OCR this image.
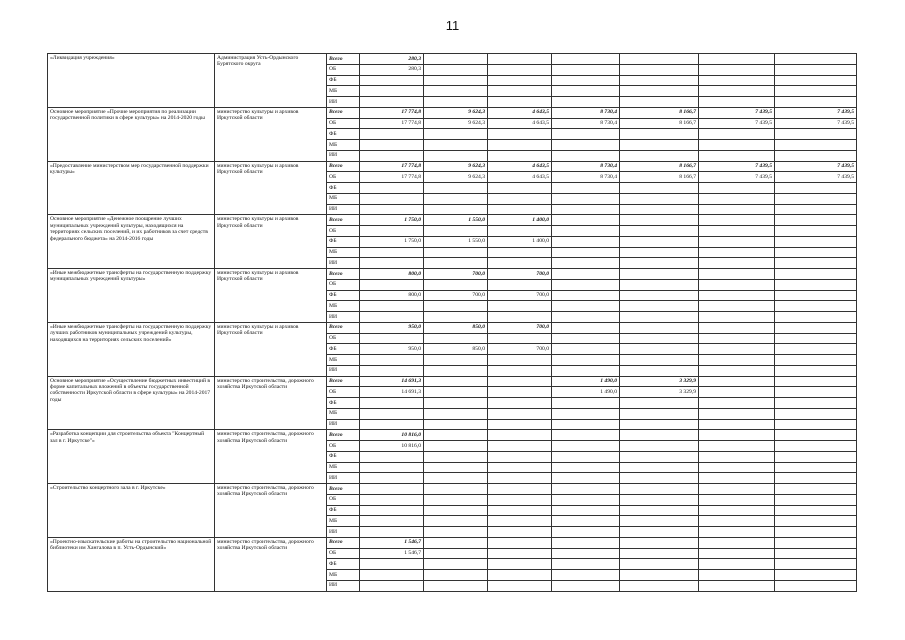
11
«Ликвидация учреждения»	Администрация Усть-Ордынского Бурятского округа	Всего	280,3						
		ОБ	280,3						
		ФБ							
		МБ							
		ИИ							
Основное мероприятие «Прочие мероприятия по реализации государственной политики в сфере культуры» на 2014-2020 годы	министерство культуры и архивов Иркутской области	Всего	17 774,8	9 624,3	4 643,5	8 730,4	8 166,7	7 439,5	7 439,5
		ОБ	17 774,8	9 624,3	4 643,5	8 730,4	8 166,7	7 439,5	7 439,5
		ФБ							
		МБ							
		ИИ							
«Предоставление министерством мер государственной поддержки культуры»	министерство культуры и архивов Иркутской области	Всего	17 774,8	9 624,3	4 643,5	8 730,4	8 166,7	7 439,5	7 439,5
		ОБ	17 774,8	9 624,3	4 643,5	8 730,4	8 166,7	7 439,5	7 439,5
		ФБ							
		МБ							
		ИИ							
Основное мероприятие «Денежное поощрение лучших муниципальных учреждений культуры, находящихся на территориях сельских поселений, и их работников за счет средств федерального бюджета» на 2014-2016 годы	министерство культуры и архивов Иркутской области	Всего	1 750,0	1 550,0	1 400,0				
		ОБ							
		ФБ	1 750,0	1 550,0	1 400,0				
		МБ							
		ИИ							
«Иные межбюджетные трансферты на государственную поддержку муниципальных учреждений культуры»	министерство культуры и архивов Иркутской области	Всего	800,0	700,0	700,0				
		ОБ							
		ФБ	800,0	700,0	700,0				
		МБ							
		ИИ							
«Иные межбюджетные трансферты на государственную поддержку лучших работников муниципальных учреждений культуры, находящихся на территориях сельских поселений»	министерство культуры и архивов Иркутской области	Всего	950,0	850,0	700,0				
		ОБ							
		ФБ	950,0	850,0	700,0				
		МБ							
		ИИ							
Основное мероприятие «Осуществление бюджетных инвестиций в форме капитальных вложений в объекты государственной собственности Иркутской области в сфере культуры» на 2014-2017 годы	министерство строительства, дорожного хозяйства Иркутской области	Всего	14 691,3			1 490,0	3 329,9		
		ОБ	14 691,3			1 490,0	3 329,9		
		ФБ							
		МБ							
		ИИ							
«Разработка концепции для строительства объекта "Концертный зал в г. Иркутске"»	министерство строительства, дорожного хозяйства Иркутской области	Всего	10 816,0						
		ОБ	10 816,0						
		ФБ							
		МБ							
		ИИ							
«Строительство концертного зала в г. Иркутске»	министерство строительства, дорожного хозяйства Иркутской области	Всего							
		ОБ							
		ФБ							
		МБ							
		ИИ							
«Проектно-изыскательские работы на строительство национальной библиотеки им Хангалова в п. Усть-Ордынский»	министерство строительства, дорожного хозяйства Иркутской области	Всего	1 546,7						
		ОБ	1 546,7						
		ФБ							
		МБ							
		ИИ							
